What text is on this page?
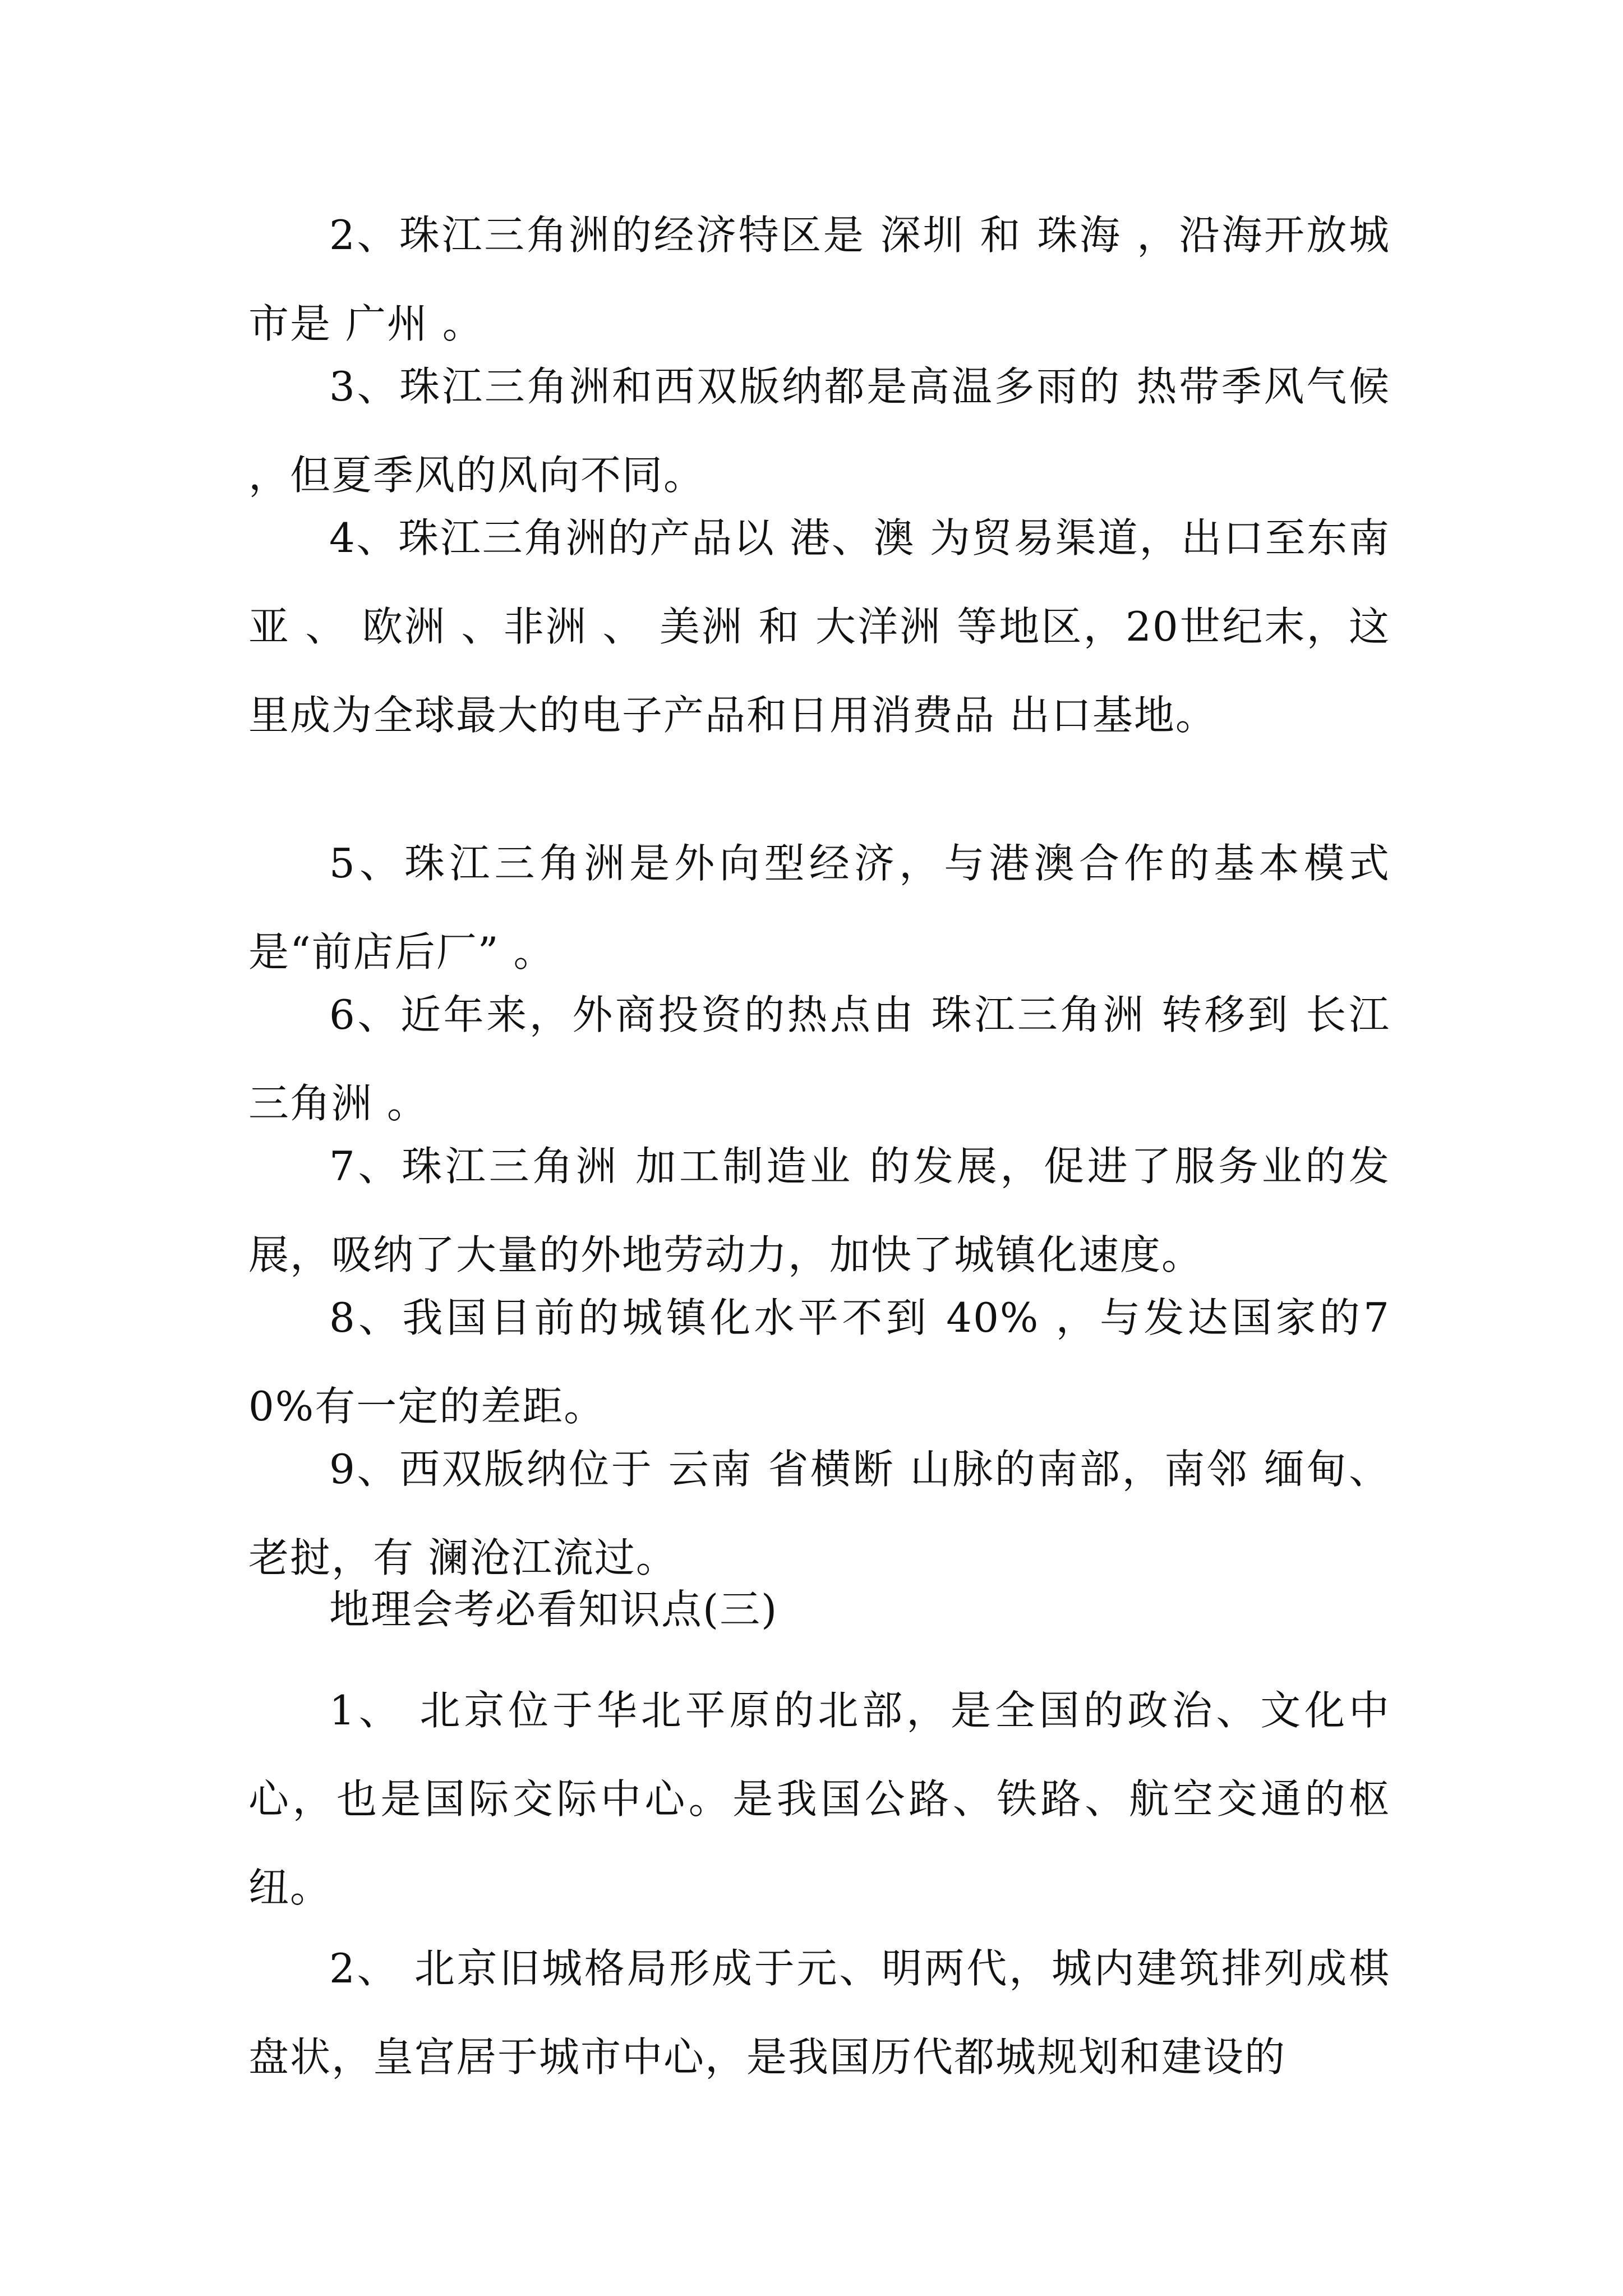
2、珠江三角洲的经济特区是 深圳 和 珠海 ，沿海开放城市是 广州 。

3、珠江三角洲和西双版纳都是高温多雨的 热带季风气候 ，但夏季风的风向不同。

4、珠江三角洲的产品以 港、澳 为贸易渠道，出口至东南亚 、 欧洲 、非洲 、 美洲 和 大洋洲 等地区，20世纪末，这里成为全球最大的电子产品和日用消费品 出口基地。

5、珠江三角洲是外向型经济，与港澳合作的基本模式是“前店后厂” 。

6、近年来，外商投资的热点由 珠江三角洲 转移到 长江三角洲 。

7、珠江三角洲 加工制造业 的发展，促进了服务业的发展，吸纳了大量的外地劳动力，加快了城镇化速度。

8、我国目前的城镇化水平不到 40% ，与发达国家的70%有一定的差距。

9、西双版纳位于 云南 省横断 山脉的南部，南邻 缅甸、老挝，有 澜沧江流过。

地理会考必看知识点(三)

1、 北京位于华北平原的北部，是全国的政治、文化中心，也是国际交际中心。是我国公路、铁路、航空交通的枢纽。

2、 北京旧城格局形成于元、明两代，城内建筑排列成棋盘状，皇宫居于城市中心，是我国历代都城规划和建设的
